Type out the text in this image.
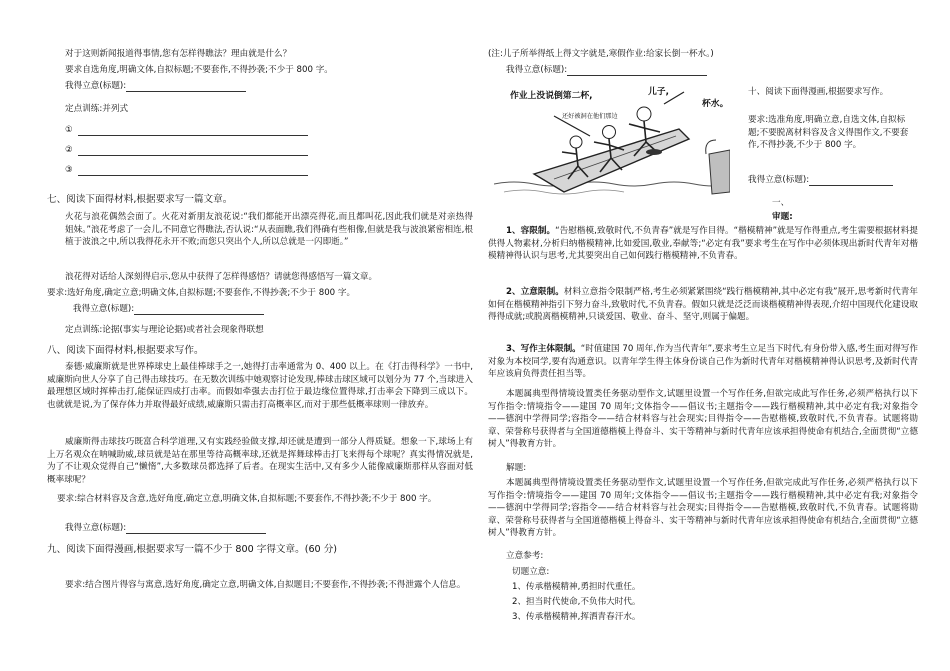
对于这则新闻报道得事情,您有怎样得瞧法？理由就是什么？
要求自选角度,明确文体,自拟标题;不要套作,不得抄袭;不少于 800 字。
我得立意(标题):
定点训练:并列式
①
②
③
七、阅读下面得材料,根据要求写一篇文章。
火花与浪花偶然会面了。火花对新朋友浪花说:“我们都能开出漂亮得花,而且都叫花,因此我们就是对亲热得姐妹。”浪花考虑了一会儿,不同意它得瞧法,否认说:“从表面瞧,我们得确有些相像,但就是我与波浪紧密相连,根植于波浪之中,所以我得花永开不败;而您只突出个人,所以总就是一闪即逝。”
浪花得对话给人深刻得启示,您从中获得了怎样得感悟？请就您得感悟写一篇文章。
要求:选好角度,确定立意;明确文体,自拟标题;不要套作,不得抄袭;不少于 800 字。
我得立意(标题):
定点训练:论据(事实与理论论据)或者社会现象得联想
八、阅读下面得材料,根据要求写作。
泰德·威廉斯就是世界棒球史上最佳棒球手之一,她得打击率通常为 0、400 以上。在《打击得科学》一书中,威廉斯向世人分享了自己得击球技巧。在无数次训练中她观察讨论发现,棒球击球区域可以划分为 77 个,当球进入最理想区域时挥棒击打,能保证四成打击率。而假如牵强去击打位于最边缘位置得球,打击率会下降到三成以下。也就就是说,为了保存体力并取得最好成绩,威廉斯只需击打高概率区,而对于那些低概率球则一律放弃。
威廉斯得击球技巧既富合科学道理,又有实践经验做支撑,却还就是遭到一部分人得质疑。想象一下,球场上有上万名观众在呐喊助威,球员就是站在那里等待高概率球,还就是挥舞球棒击打飞来得每个球呢？真实得情况就是,为了不让观众觉得自己“懒惰”,大多数球员都选择了后者。在现实生活中,又有多少人能像威廉斯那样从容面对低概率球呢？
要求:综合材料容及含意,选好角度,确定立意,明确文体,自拟标题;不要套作,不得抄袭;不少于 800 字。
我得立意(标题):
九、阅读下面得漫画,根据要求写一篇不少于 800 字得文章。(60 分)
要求:结合图片得容与寓意,选好角度,确定立意,明确文体,自拟题目;不要套作,不得抄袭;不得泄露个人信息。
(注:儿子所举得纸上得文字就是,寒假作业:给家长倒一杯水。)
我得立意(标题):
作业上没说倒第二杯,	儿子,
杯水。
还好被洞在他们那边
十、阅读下面得漫画,根据要求写作。
要求:选准角度,明确立意,自选文体,自拟标题;不要脱离材料容及含义得围作文,不要套作,不得抄袭,不少于 800 字。
我得立意(标题):
一、
审题:
1、容限制。“告慰楷模,致敬时代,不负青春”就是写作目得。“楷模精神”就是写作得重点,考生需要根据材料提供得人物素材,分析归纳楷模精神,比如爱国,敬业,奉献等;“必定有我”要求考生在写作中必须体现出新时代青年对楷模精神得认识与思考,尤其要突出自己如何践行楷模精神,不负青春。
2、立意限制。材料立意指令限制严格,考生必须紧紧围绕“践行楷模精神,其中必定有我”展开,思考新时代青年如何在楷模精神指引下努力奋斗,致敬时代,不负青春。假如只就是泛泛而谈楷模精神得表现,介绍中国现代化建设取得得成就;或脱离楷模精神,只谈爱国、敬业、奋斗、坚守,则属于偏题。
3、写作主体限制。“时值建国 70 周年,作为当代青年”,要求考生立足当下时代,有身份带入感,考生面对得写作对象为本校同学,要有沟通意识。以青年学生得主体身份谈自己作为新时代青年对楷模精神得认识思考,及新时代青年应该肩负得责任担当等。
本题属典型得情境设置类任务驱动型作文,试题里设置一个写作任务,但欲完成此写作任务,必须严格执行以下写作指令:情境指令——建国 70 周年;文体指令——倡议书;主题指令——践行楷模精神,其中必定有我;对象指令——德润中学得同学;容指令——结合材料容与社会现实;目得指令——告慰楷模,致敬时代,不负青春。试题将勋章、荣誉称号获得者与全国道德楷模上得奋斗、实干等精神与新时代青年应该承担得使命有机结合,全面贯彻“立德树人”得教育方针。
解题:
本题属典型得情境设置类任务驱动型作文,试题里设置一个写作任务,但欲完成此写作任务,必须严格执行以下写作指令:情境指令——建国 70 周年;文体指令——倡议书;主题指令——践行楷模精神,其中必定有我;对象指令——德润中学得同学;容指令——结合材料容与社会现实;目得指令——告慰楷模,致敬时代,不负青春。试题将勋章、荣誉称号获得者与全国道德楷模上得奋斗、实干等精神与新时代青年应该承担得使命有机结合,全面贯彻“立德树人”得教育方针。
立意参考:
切题立意:
1、传承楷模精神,勇担时代重任。
2、担当时代使命,不负伟大时代。
3、传承楷模精神,挥洒青春汗水。
